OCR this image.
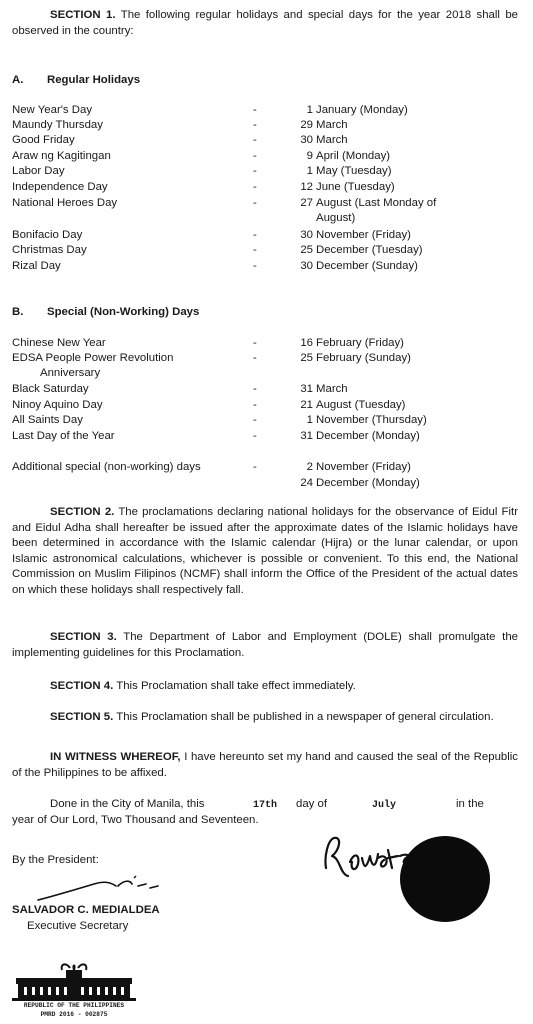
SECTION 1. The following regular holidays and special days for the year 2018 shall be observed in the country:
A. Regular Holidays
New Year's Day	-	1 January (Monday)
Maundy Thursday	-	29 March
Good Friday	-	30 March
Araw ng Kagitingan	-	9 April (Monday)
Labor Day	-	1 May (Tuesday)
Independence Day	-	12 June (Tuesday)
National Heroes Day	-	27 August (Last Monday of
August)
Bonifacio Day	-	30 November (Friday)
Christmas Day	-	25 December (Tuesday)
Rizal Day	-	30 December (Sunday)
B. Special (Non-Working) Days
Chinese New Year	-	16 February (Friday)
EDSA People Power Revolution	-	25 February (Sunday)
Anniversary
Black Saturday	-	31 March
Ninoy Aquino Day	-	21 August (Tuesday)
All Saints Day	-	1 November (Thursday)
Last Day of the Year	-	31 December (Monday)
Additional special (non-working) days	-	2 November (Friday)
24 December (Monday)
SECTION 2. The proclamations declaring national holidays for the observance of Eidul Fitr and Eidul Adha shall hereafter be issued after the approximate dates of the Islamic holidays have been determined in accordance with the Islamic calendar (Hijra) or the lunar calendar, or upon Islamic astronomical calculations, whichever is possible or convenient. To this end, the National Commission on Muslim Filipinos (NCMF) shall inform the Office of the President of the actual dates on which these holidays shall respectively fall.
SECTION 3. The Department of Labor and Employment (DOLE) shall promulgate the implementing guidelines for this Proclamation.
SECTION 4. This Proclamation shall take effect immediately.
SECTION 5. This Proclamation shall be published in a newspaper of general circulation.
IN WITNESS WHEREOF, I have hereunto set my hand and caused the seal of the Republic of the Philippines to be affixed.
Done in the City of Manila, this	17th day of	July	in the
year of Our Lord, Two Thousand and Seventeen.
By the President:
SALVADOR C. MEDIALDEA
Executive Secretary
REPUBLIC OF THE PHILIPPINES
PMRD 2016 - 002875
